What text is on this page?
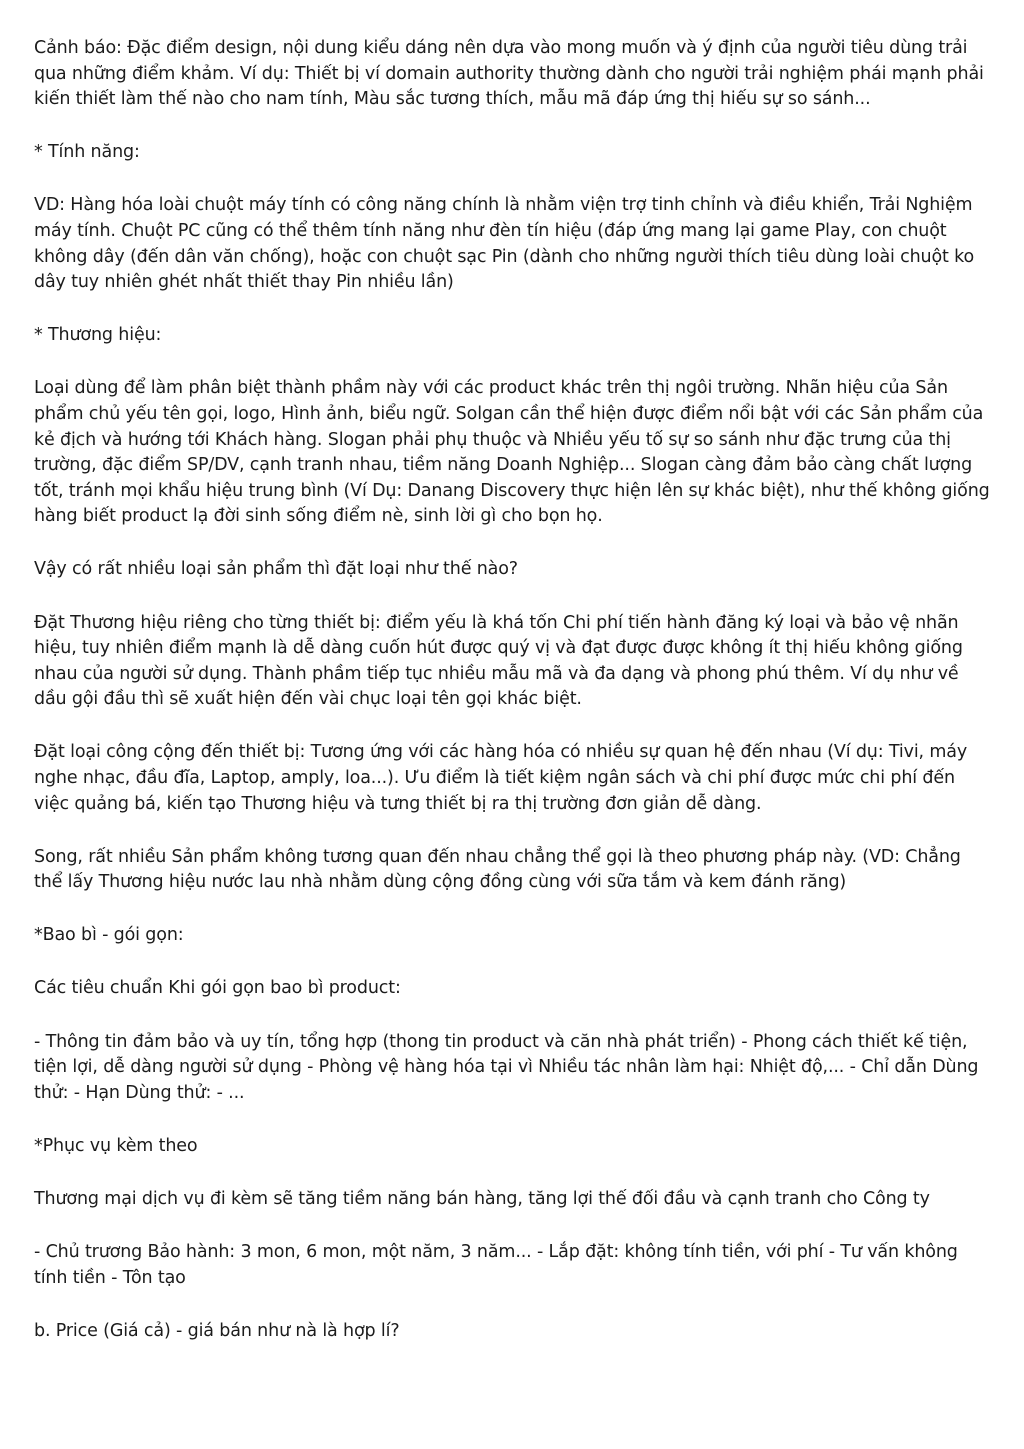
Cảnh báo: Đặc điểm design, nội dung kiểu dáng nên dựa vào mong muốn và ý định của người tiêu dùng trải qua những điểm khảm. Ví dụ: Thiết bị ví domain authority thường dành cho người trải nghiệm phái mạnh phải kiến thiết làm thế nào cho nam tính, Màu sắc tương thích, mẫu mã đáp ứng thị hiếu sự so sánh...

* Tính năng:

VD: Hàng hóa loài chuột máy tính có công năng chính là nhằm viện trợ tinh chỉnh và điều khiển, Trải Nghiệm máy tính. Chuột PC cũng có thể thêm tính năng như đèn tín hiệu (đáp ứng mang lại game Play, con chuột không dây (đến dân văn chống), hoặc con chuột sạc Pin (dành cho những người thích tiêu dùng loài chuột ko dây tuy nhiên ghét nhất thiết thay Pin nhiều lần)

* Thương hiệu:

Loại dùng để làm phân biệt thành phầm này với các product khác trên thị ngôi trường. Nhãn hiệu của Sản phẩm chủ yếu tên gọi, logo, Hình ảnh, biểu ngữ. Solgan cần thể hiện được điểm nổi bật với các Sản phẩm của kẻ địch và hướng tới Khách hàng. Slogan phải phụ thuộc và Nhiều yếu tố sự so sánh như đặc trưng của thị trường, đặc điểm SP/DV, cạnh tranh nhau, tiềm năng Doanh Nghiệp... Slogan càng đảm bảo càng chất lượng tốt, tránh mọi khẩu hiệu trung bình (Ví Dụ: Danang Discovery thực hiện lên sự khác biệt), như thế không giống hàng biết product lạ đời sinh sống điểm nè, sinh lời gì cho bọn họ.

Vậy có rất nhiều loại sản phẩm thì đặt loại như thế nào?

Đặt Thương hiệu riêng cho từng thiết bị: điểm yếu là khá tốn Chi phí tiến hành đăng ký loại và bảo vệ nhãn hiệu, tuy nhiên điểm mạnh là dễ dàng cuốn hút được quý vị và đạt được được không ít thị hiếu không giống nhau của người sử dụng. Thành phầm tiếp tục nhiều mẫu mã và đa dạng và phong phú thêm. Ví dụ như về dầu gội đầu thì sẽ xuất hiện đến vài chục loại tên gọi khác biệt.

Đặt loại công cộng đến thiết bị: Tương ứng với các hàng hóa có nhiều sự quan hệ đến nhau (Ví dụ: Tivi, máy nghe nhạc, đầu đĩa, Laptop, amply, loa...). Ưu điểm là tiết kiệm ngân sách và chi phí được mức chi phí đến việc quảng bá, kiến tạo Thương hiệu và tưng thiết bị ra thị trường đơn giản dễ dàng.

Song, rất nhiều Sản phẩm không tương quan đến nhau chẳng thể gọi là theo phương pháp này. (VD: Chẳng thể lấy Thương hiệu nước lau nhà nhằm dùng cộng đồng cùng với sữa tắm và kem đánh răng)

*Bao bì - gói gọn:

Các tiêu chuẩn Khi gói gọn bao bì product:

- Thông tin đảm bảo và uy tín, tổng hợp (thong tin product và căn nhà phát triển) - Phong cách thiết kế tiện, tiện lợi, dễ dàng người sử dụng - Phòng vệ hàng hóa tại vì Nhiều tác nhân làm hại: Nhiệt độ,... - Chỉ dẫn Dùng thử: - Hạn Dùng thử: - ...

*Phục vụ kèm theo

Thương mại dịch vụ đi kèm sẽ tăng tiềm năng bán hàng, tăng lợi thế đối đầu và cạnh tranh cho Công ty

- Chủ trương Bảo hành: 3 mon, 6 mon, một năm, 3 năm... - Lắp đặt: không tính tiền, với phí - Tư vấn không tính tiền - Tôn tạo

b. Price (Giá cả) - giá bán như nà là hợp lí?
